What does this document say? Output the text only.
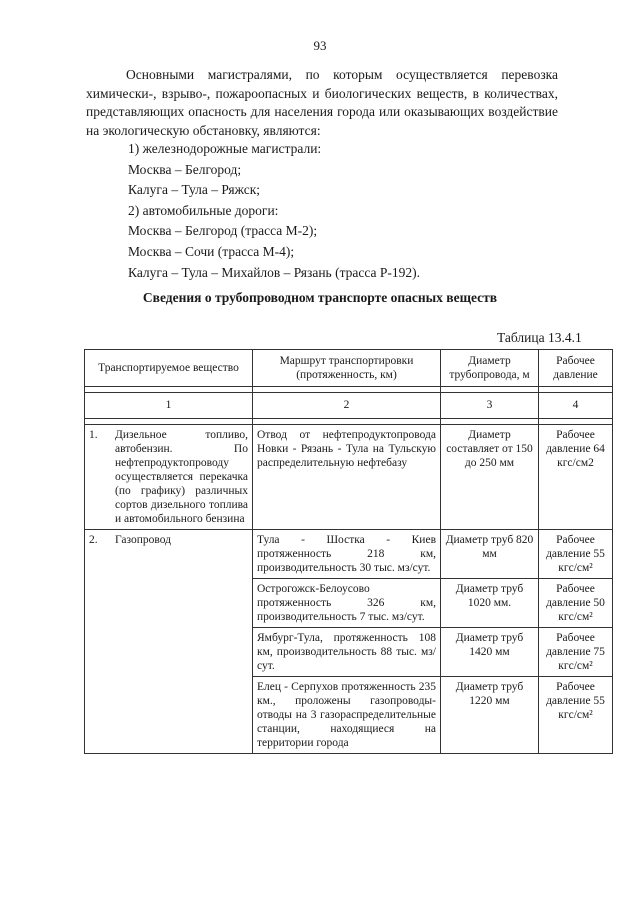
93

Основными магистралями, по которым осуществляется перевозка химически-, взрыво-, пожароопасных и биологических веществ, в количествах, представляющих опасность для населения города или оказывающих воздействие на экологическую обстановку, являются:

1) железнодорожные магистрали:
Москва – Белгород;
Калуга – Тула – Ряжск;
2) автомобильные дороги:
Москва – Белгород (трасса М-2);
Москва – Сочи (трасса М-4);
Калуга – Тула – Михайлов – Рязань (трасса Р-192).
Сведения о трубопроводном транспорте опасных веществ
Таблица 13.4.1
Транспортируемое вещество	Маршрут транспортировки (протяженность, км)	Диаметр трубопровода, м	Рабочее давление

1	2	3	4

1. Дизельное топливо, автобензин. По нефтепродуктопроводу осуществляется перекачка (по графику) различных сортов дизельного топлива и автомобильного бензина	Отвод от нефтепродуктопровода Новки - Рязань - Тула на Тульскую распределительную нефтебазу	Диаметр составляет от 150 до 250 мм	Рабочее давление 64 кгс/см2

2. Газопровод	Тула - Шостка - Киев протяженность 218 км, производительность 30 тыс. мз/сут.	Диаметр труб 820 мм	Рабочее давление 55 кгс/см²
	Острогожск-Белоусово протяженность 326 км, производительность 7 тыс. мз/сут.	Диаметр труб 1020 мм.	Рабочее давление 50 кгс/см²
	Ямбург-Тула, протяженность 108 км, производительность 88 тыс. мз/сут.	Диаметр труб 1420 мм	Рабочее давление 75 кгс/см²
	Елец - Серпухов протяженность 235 км., проложены газопроводы-отводы на 3 газораспределительные станции, находящиеся на территории города	Диаметр труб 1220 мм	Рабочее давление 55 кгс/см²
